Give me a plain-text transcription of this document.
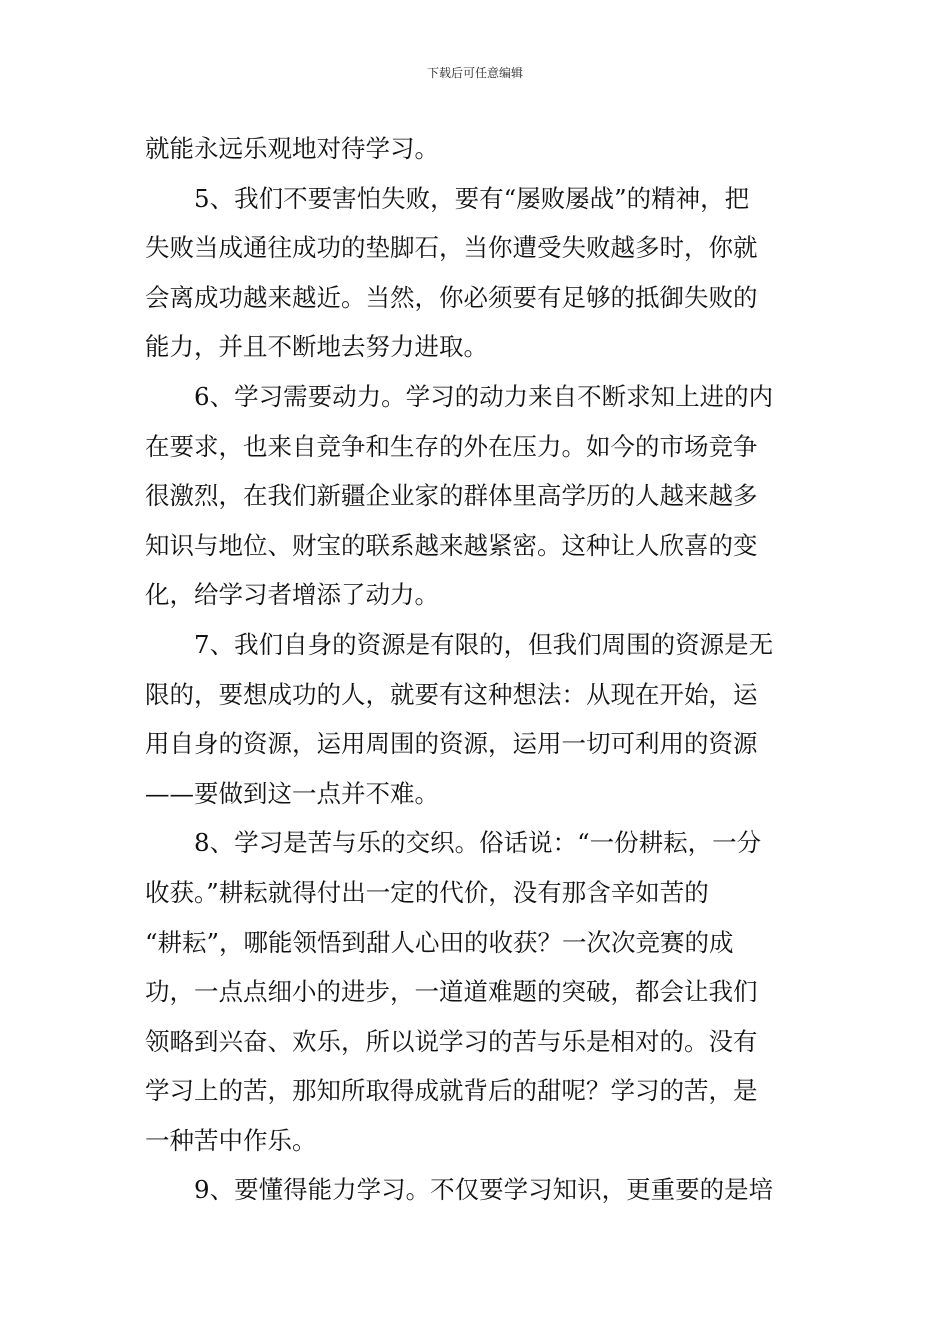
下载后可任意编辑
就能永远乐观地对待学习。
5、我们不要害怕失败，要有“屡败屡战”的精神，把
失败当成通往成功的垫脚石，当你遭受失败越多时，你就
会离成功越来越近。当然，你必须要有足够的抵御失败的
能力，并且不断地去努力进取。
6、学习需要动力。学习的动力来自不断求知上进的内
在要求，也来自竞争和生存的外在压力。如今的市场竞争
很激烈，在我们新疆企业家的群体里高学历的人越来越多
知识与地位、财宝的联系越来越紧密。这种让人欣喜的变
化，给学习者增添了动力。
7、我们自身的资源是有限的，但我们周围的资源是无
限的，要想成功的人，就要有这种想法：从现在开始，运
用自身的资源，运用周围的资源，运用一切可利用的资源
——要做到这一点并不难。
8、学习是苦与乐的交织。俗话说：“一份耕耘，一分
收获。”耕耘就得付出一定的代价，没有那含辛如苦的
“耕耘”，哪能领悟到甜人心田的收获？一次次竞赛的成
功，一点点细小的进步，一道道难题的突破，都会让我们
领略到兴奋、欢乐，所以说学习的苦与乐是相对的。没有
学习上的苦，那知所取得成就背后的甜呢？学习的苦，是
一种苦中作乐。
9、要懂得能力学习。不仅要学习知识，更重要的是培
